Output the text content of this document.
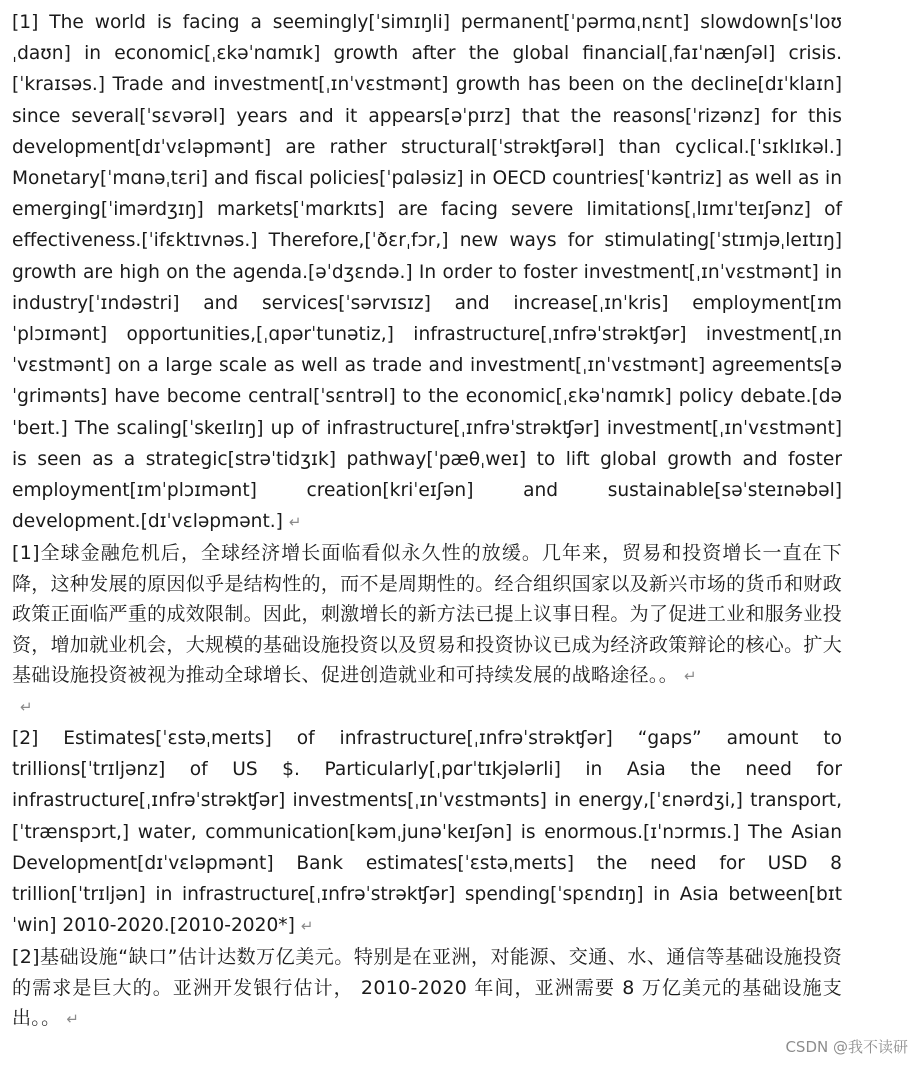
[1] The world is facing a seemingly[ˈsimɪŋli] permanent[ˈpərmɑˌnɛnt] slowdown[sˈloʊˌdaʊn] in economic[ˌɛkəˈnɑmɪk] growth after the global financial[ˌfaɪˈnænʃəl] crisis.[ˈkraɪsəs.] Trade and investment[ˌɪnˈvɛstmənt] growth has been on the decline[dɪˈklaɪn] since several[ˈsɛvərəl] years and it appears[əˈpɪrz] that the reasons[ˈrizənz] for this development[dɪˈvɛləpmənt] are rather structural[ˈstrəkʧərəl] than cyclical.[ˈsɪklɪkəl.] Monetary[ˈmɑnəˌtɛri] and fiscal policies[ˈpɑləsiz] in OECD countries[ˈkəntriz] as well as in emerging[ˈimərdʒɪŋ] markets[ˈmɑrkɪts] are facing severe limitations[ˌlɪmɪˈteɪʃənz] of effectiveness.[ˈifɛktɪvnəs.] Therefore,[ˈðɛrˌfɔr,] new ways for stimulating[ˈstɪmjəˌleɪtɪŋ] growth are high on the agenda.[əˈdʒɛndə.] In order to foster investment[ˌɪnˈvɛstmənt] in industry[ˈɪndəstri] and services[ˈsərvɪsɪz] and increase[ˌɪnˈkris] employment[ɪmˈplɔɪmənt] opportunities,[ˌɑpərˈtunətiz,] infrastructure[ˌɪnfrəˈstrəkʧər] investment[ˌɪnˈvɛstmənt] on a large scale as well as trade and investment[ˌɪnˈvɛstmənt] agreements[əˈgrimənts] have become central[ˈsɛntrəl] to the economic[ˌɛkəˈnɑmɪk] policy debate.[dəˈbeɪt.] The scaling[ˈskeɪlɪŋ] up of infrastructure[ˌɪnfrəˈstrəkʧər] investment[ˌɪnˈvɛstmənt] is seen as a strategic[strəˈtidʒɪk] pathway[ˈpæθˌweɪ] to lift global growth and foster employment[ɪmˈplɔɪmənt] creation[kriˈeɪʃən] and sustainable[səˈsteɪnəbəl] development.[dɪˈvɛləpmənt.] ↵

[1]全球金融危机后，全球经济增长面临看似永久性的放缓。几年来，贸易和投资增长一直在下降，这种发展的原因似乎是结构性的，而不是周期性的。经合组织国家以及新兴市场的货币和财政政策正面临严重的成效限制。因此，刺激增长的新方法已提上议事日程。为了促进工业和服务业投资，增加就业机会，大规模的基础设施投资以及贸易和投资协议已成为经济政策辩论的核心。扩大基础设施投资被视为推动全球增长、促进创造就业和可持续发展的战略途径。。 ↵

↵

[2] Estimates[ˈɛstəˌmeɪts] of infrastructure[ˌɪnfrəˈstrəkʧər] “gaps” amount to trillions[ˈtrɪljənz] of US $. Particularly[ˌpɑrˈtɪkjələrli] in Asia the need for infrastructure[ˌɪnfrəˈstrəkʧər] investments[ˌɪnˈvɛstmənts] in energy,[ˈɛnərdʒi,] transport,[ˈtrænspɔrt,] water, communication[kəmˌjunəˈkeɪʃən] is enormous.[ɪˈnɔrmɪs.] The Asian Development[dɪˈvɛləpmənt] Bank estimates[ˈɛstəˌmeɪts] the need for USD 8 trillion[ˈtrɪljən] in infrastructure[ˌɪnfrəˈstrəkʧər] spending[ˈspɛndɪŋ] in Asia between[bɪtˈwin] 2010-2020.[2010-2020*] ↵

[2]基础设施“缺口”估计达数万亿美元。特别是在亚洲，对能源、交通、水、通信等基础设施投资的需求是巨大的。亚洲开发银行估计， 2010-2020 年间，亚洲需要 8 万亿美元的基础设施支出。。 ↵

CSDN @我不读研
